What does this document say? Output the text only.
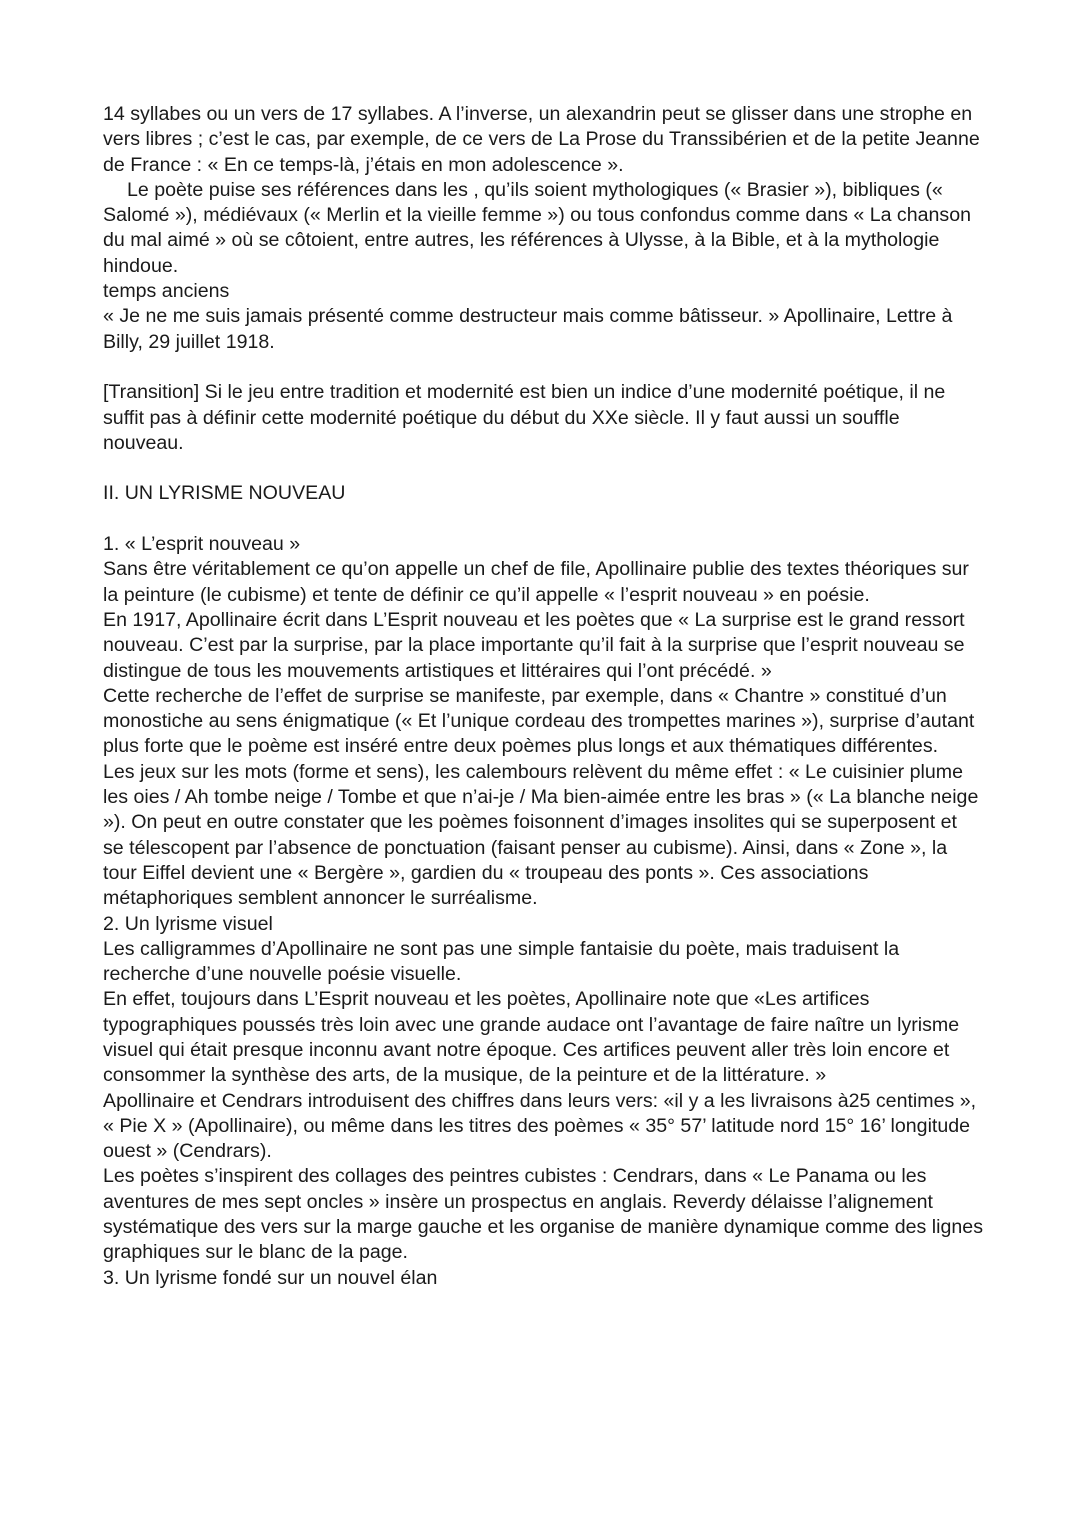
14 syllabes ou un vers de 17 syllabes. A l’inverse, un alexandrin peut se glisser dans une strophe en vers libres ; c’est le cas, par exemple, de ce vers de La Prose du Transsibérien et de la petite Jeanne de France : « En ce temps-là, j’étais en mon adolescence ».

Le poète puise ses références dans les , qu’ils soient mythologiques (« Brasier »), bibliques (« Salomé »), médiévaux (« Merlin et la vieille femme ») ou tous confondus comme dans « La chanson du mal aimé » où se côtoient, entre autres, les références à Ulysse, à la Bible, et à la mythologie hindoue.

temps anciens

« Je ne me suis jamais présenté comme destructeur mais comme bâtisseur. » Apollinaire, Lettre à Billy, 29 juillet 1918.

[Transition] Si le jeu entre tradition et modernité est bien un indice d’une modernité poétique, il ne suffit pas à définir cette modernité poétique du début du XXe siècle. Il y faut aussi un souffle nouveau.

II. UN LYRISME NOUVEAU

1. « L’esprit nouveau »

Sans être véritablement ce qu’on appelle un chef de file, Apollinaire publie des textes théoriques sur la peinture (le cubisme) et tente de définir ce qu’il appelle « l’esprit nouveau » en poésie.

En 1917, Apollinaire écrit dans L’Esprit nouveau et les poètes que « La surprise est le grand ressort nouveau. C’est par la surprise, par la place importante qu’il fait à la surprise que l’esprit nouveau se distingue de tous les mouvements artistiques et littéraires qui l’ont précédé. »

Cette recherche de l’effet de surprise se manifeste, par exemple, dans « Chantre » constitué d’un monostiche au sens énigmatique (« Et l’unique cordeau des trompettes marines »), surprise d’autant plus forte que le poème est inséré entre deux poèmes plus longs et aux thématiques différentes.

Les jeux sur les mots (forme et sens), les calembours relèvent du même effet : « Le cuisinier plume les oies / Ah tombe neige / Tombe et que n’ai-je / Ma bien-aimée entre les bras » (« La blanche neige »). On peut en outre constater que les poèmes foisonnent d’images insolites qui se superposent et se télescopent par l’absence de ponctuation (faisant penser au cubisme). Ainsi, dans « Zone », la tour Eiffel devient une « Bergère », gardien du « troupeau des ponts ». Ces associations métaphoriques semblent annoncer le surréalisme.

2. Un lyrisme visuel

Les calligrammes d’Apollinaire ne sont pas une simple fantaisie du poète, mais traduisent la recherche d’une nouvelle poésie visuelle.

En effet, toujours dans L’Esprit nouveau et les poètes, Apollinaire note que «Les artifices typographiques poussés très loin avec une grande audace ont l’avantage de faire naître un lyrisme visuel qui était presque inconnu avant notre époque. Ces artifices peuvent aller très loin encore et consommer la synthèse des arts, de la musique, de la peinture et de la littérature. »

Apollinaire et Cendrars introduisent des chiffres dans leurs vers: «il y a les livraisons à25 centimes », « Pie X » (Apollinaire), ou même dans les titres des poèmes « 35° 57’ latitude nord 15° 16’ longitude ouest » (Cendrars).

Les poètes s’inspirent des collages des peintres cubistes : Cendrars, dans « Le Panama ou les aventures de mes sept oncles » insère un prospectus en anglais. Reverdy délaisse l’alignement systématique des vers sur la marge gauche et les organise de manière dynamique comme des lignes graphiques sur le blanc de la page.

3. Un lyrisme fondé sur un nouvel élan
